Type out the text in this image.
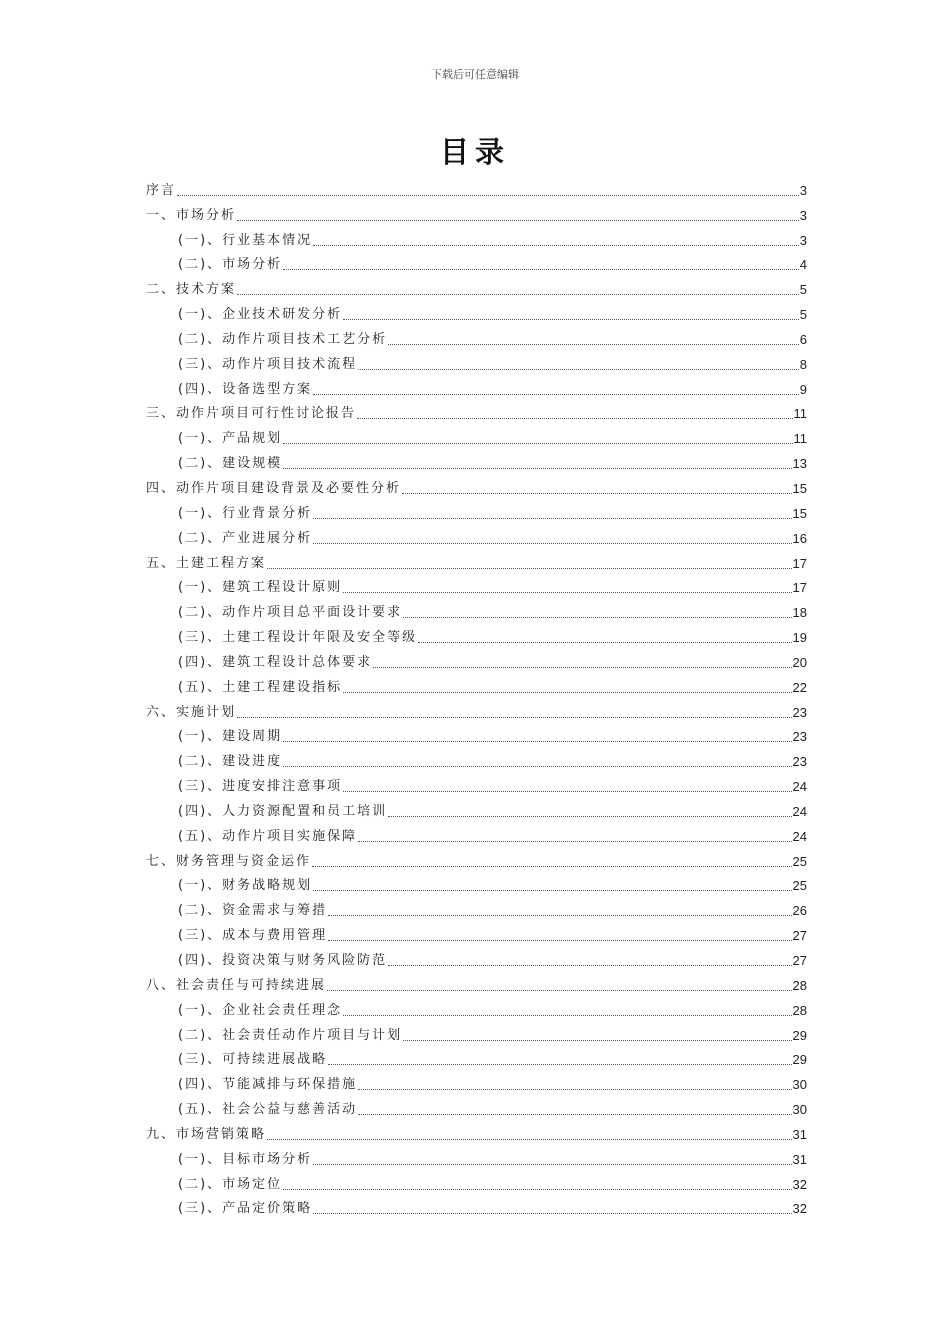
下载后可任意编辑
目录
序言	3
一、市场分析	3
(一)、行业基本情况	3
(二)、市场分析	4
二、技术方案	5
(一)、企业技术研发分析	5
(二)、动作片项目技术工艺分析	6
(三)、动作片项目技术流程	8
(四)、设备选型方案	9
三、动作片项目可行性讨论报告	11
(一)、产品规划	11
(二)、建设规模	13
四、动作片项目建设背景及必要性分析	15
(一)、行业背景分析	15
(二)、产业进展分析	16
五、土建工程方案	17
(一)、建筑工程设计原则	17
(二)、动作片项目总平面设计要求	18
(三)、土建工程设计年限及安全等级	19
(四)、建筑工程设计总体要求	20
(五)、土建工程建设指标	22
六、实施计划	23
(一)、建设周期	23
(二)、建设进度	23
(三)、进度安排注意事项	24
(四)、人力资源配置和员工培训	24
(五)、动作片项目实施保障	24
七、财务管理与资金运作	25
(一)、财务战略规划	25
(二)、资金需求与筹措	26
(三)、成本与费用管理	27
(四)、投资决策与财务风险防范	27
八、社会责任与可持续进展	28
(一)、企业社会责任理念	28
(二)、社会责任动作片项目与计划	29
(三)、可持续进展战略	29
(四)、节能减排与环保措施	30
(五)、社会公益与慈善活动	30
九、市场营销策略	31
(一)、目标市场分析	31
(二)、市场定位	32
(三)、产品定价策略	32
